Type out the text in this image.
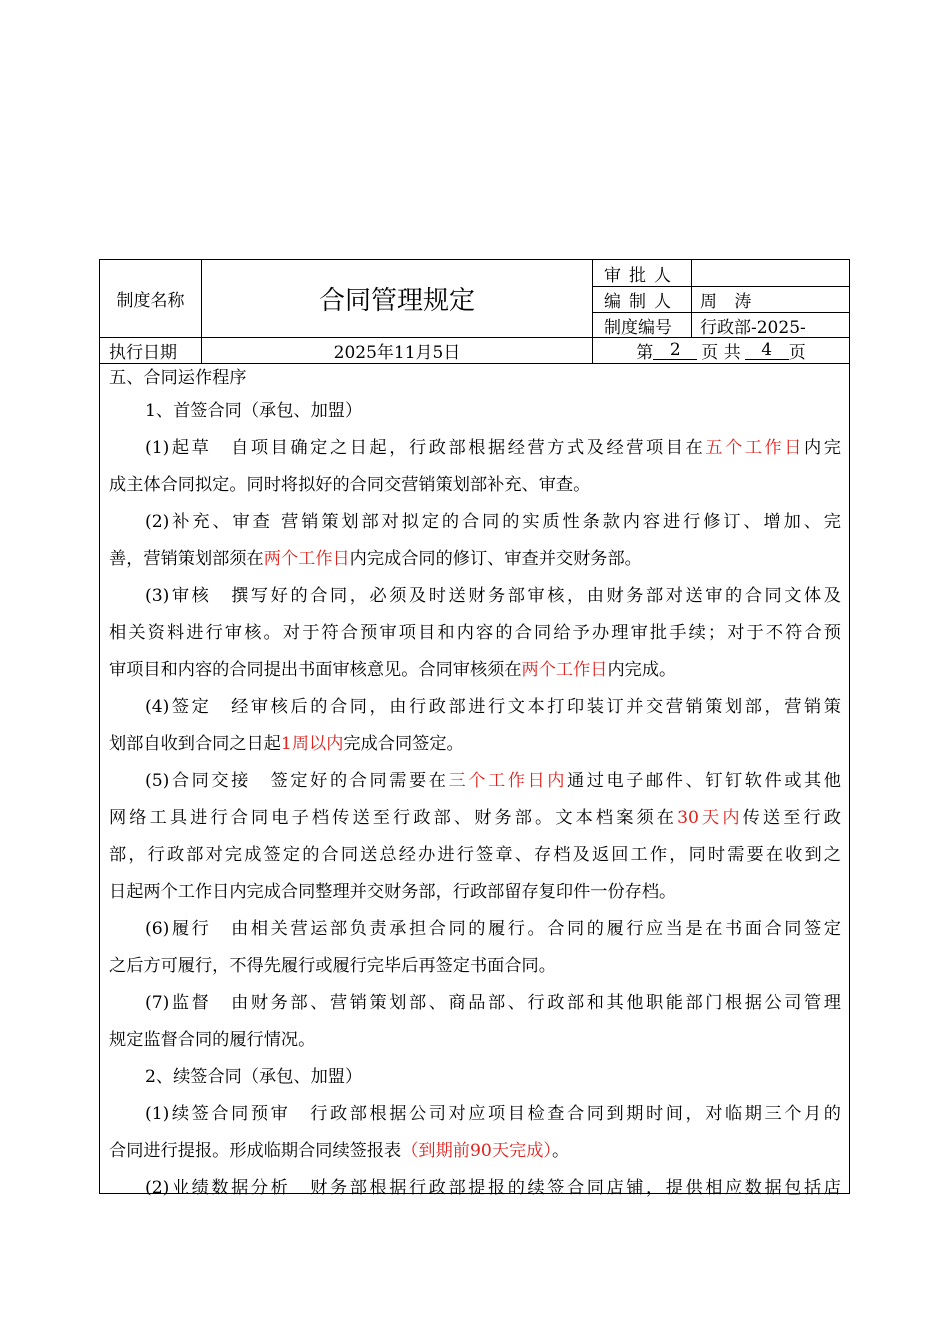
制度名称	合同管理规定
审批人
编制人	周 涛
制度编号	行政部-2025-
执行日期	2025年11月5日	第 2	页 共	4 页
五、合同运作程序
1、首签合同（承包、加盟）
(1)起草　自项目确定之日起，行政部根据经营方式及经营项目在五个工作日内完
成主体合同拟定。同时将拟好的合同交营销策划部补充、审查。
(2)补充、审查 营销策划部对拟定的合同的实质性条款内容进行修订、增加、完
善，营销策划部须在两个工作日内完成合同的修订、审查并交财务部。
(3)审核　撰写好的合同，必须及时送财务部审核，由财务部对送审的合同文体及
相关资料进行审核。对于符合预审项目和内容的合同给予办理审批手续；对于不符合预
审项目和内容的合同提出书面审核意见。合同审核须在两个工作日内完成。
(4)签定　经审核后的合同，由行政部进行文本打印装订并交营销策划部，营销策
划部自收到合同之日起1周以内完成合同签定。
(5)合同交接　签定好的合同需要在三个工作日内通过电子邮件、钉钉软件或其他
网络工具进行合同电子档传送至行政部、财务部。文本档案须在30天内传送至行政
部，行政部对完成签定的合同送总经办进行签章、存档及返回工作，同时需要在收到之
日起两个工作日内完成合同整理并交财务部，行政部留存复印件一份存档。
(6)履行　由相关营运部负责承担合同的履行。合同的履行应当是在书面合同签定
之后方可履行，不得先履行或履行完毕后再签定书面合同。
(7)监督　由财务部、营销策划部、商品部、行政部和其他职能部门根据公司管理
规定监督合同的履行情况。
2、续签合同（承包、加盟）
(1)续签合同预审　行政部根据公司对应项目检查合同到期时间，对临期三个月的
合同进行提报。形成临期合同续签报表（到期前90天完成）。
(2)业绩数据分析　财务部根据行政部提报的续签合同店铺，提供相应数据包括店
